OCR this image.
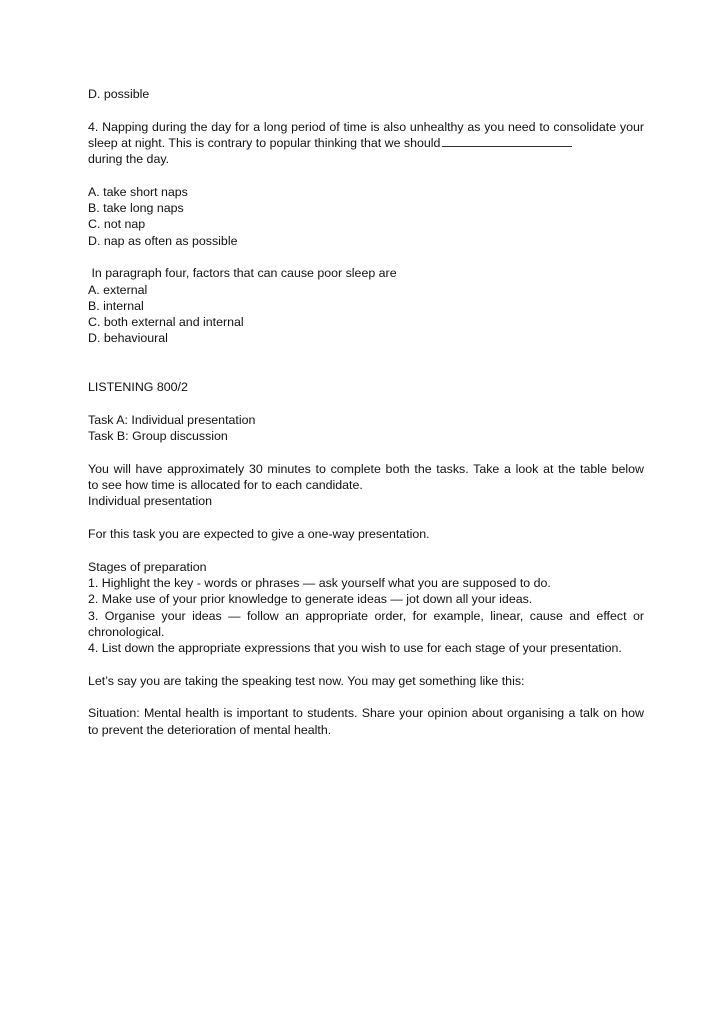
D. possible
4. Napping during the day for a long period of time is also unhealthy as you need to consolidate your
sleep at night. This is contrary to popular thinking that we should
during the day.
A. take short naps
B. take long naps
C. not nap
D. nap as often as possible
In paragraph four, factors that can cause poor sleep are
A. external
B. internal
C. both external and internal
D. behavioural
LISTENING 800/2
Task A: Individual presentation
Task B: Group discussion
You will have approximately 30 minutes to complete both the tasks. Take a look at the table below
to see how time is allocated for to each candidate.
Individual presentation
For this task you are expected to give a one-way presentation.
Stages of preparation
1. Highlight the key - words or phrases — ask yourself what you are supposed to do.
2. Make use of your prior knowledge to generate ideas — jot down all your ideas.
3. Organise your ideas — follow an appropriate order, for example, linear, cause and effect or
chronological.
4. List down the appropriate expressions that you wish to use for each stage of your presentation.
Let’s say you are taking the speaking test now. You may get something like this:
Situation: Mental health is important to students. Share your opinion about organising a talk on how
to prevent the deterioration of mental health.
